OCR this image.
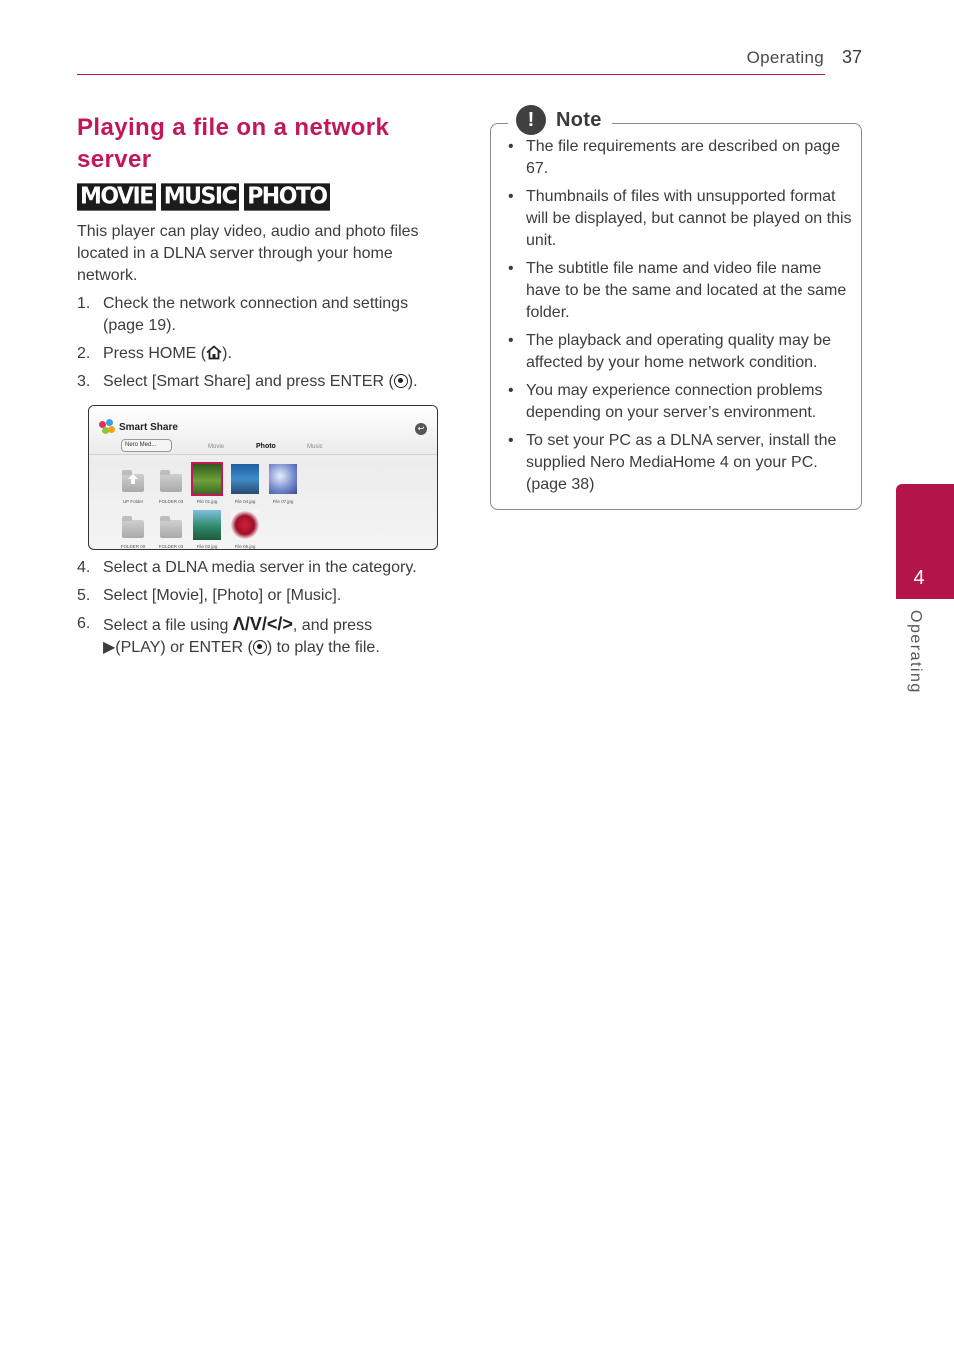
Operating 37
Playing a file on a network server
MOVIE MUSIC PHOTO
This player can play video, audio and photo files located in a DLNA server through your home network.
1. Check the network connection and settings (page 19).
2. Press HOME ( ).
3. Select [Smart Share] and press ENTER ( ).
Smart Share
Nero Med...	Movie	Photo	Music
↩
UP Folder	FOLDER 03	File 01.jpg	File 04.jpg	File 07.jpg
FOLDER 00	FOLDER 03	File 02.jpg	File 05.jpg
4. Select a DLNA media server in the category.
5. Select [Movie], [Photo] or [Music].
6. Select a file using Λ/V/</>, and press ▶(PLAY) or ENTER ( ) to play the file.
!	Note
• The file requirements are described on page 67.
• Thumbnails of files with unsupported format will be displayed, but cannot be played on this unit.
• The subtitle file name and video file name have to be the same and located at the same folder.
• The playback and operating quality may be affected by your home network condition.
• You may experience connection problems depending on your server’s environment.
• To set your PC as a DLNA server, install the supplied Nero MediaHome 4 on your PC. (page 38)
4
Operating
